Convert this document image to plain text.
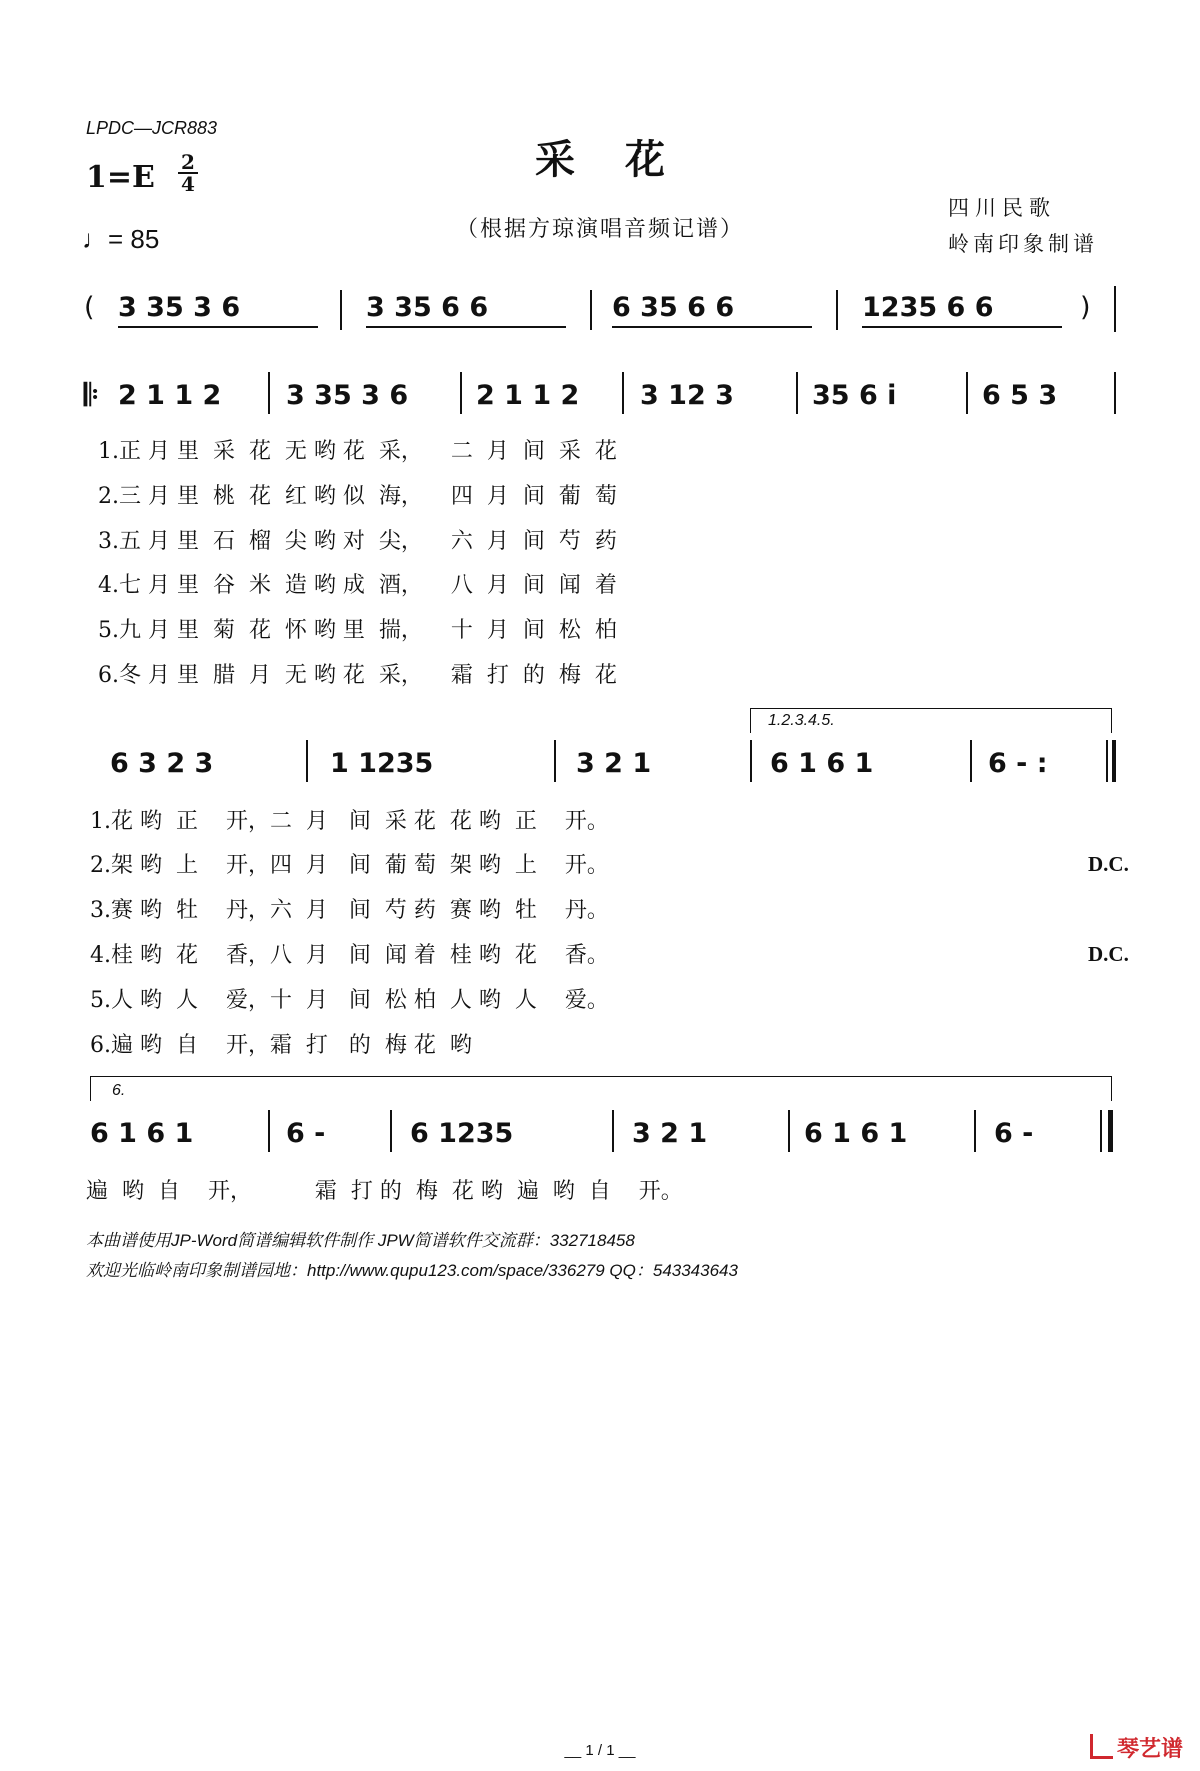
LPDC—JCR883
1=E 2
4
♩= 85
采花
（根据方琼演唱音频记谱）
四川民歌
岭南印象制谱
( 3 35 3 6	3 35 6 6	6 35 6 6	1235 6 6	)
𝄆 2 1 1 2 3 35 3 6	2 1 1 2 3 12 3	35 6 i	6 5 3
1.正 月 里  采  花  无 哟 花  采，    二  月  间  采  花
2.三 月 里  桃  花  红 哟 似  海，    四  月  间  葡  萄
3.五 月 里  石  榴  尖 哟 对  尖，    六  月  间  芍  药
4.七 月 里  谷  米  造 哟 成  酒，    八  月  间  闻  着
5.九 月 里  菊  花  怀 哟 里  揣，    十  月  间  松  柏
6.冬 月 里  腊  月  无 哟 花  采，    霜  打  的  梅  花
1.2.3.4.5.
6 3 2 3	1 1235	3 2 1	6 1 6 1	6 - :
1.花 哟  正    开，二  月   间  采 花  花 哟  正    开。
2.架 哟  上    开，四  月   间  葡 萄  架 哟  上    开。
3.赛 哟  牡    丹，六  月   间  芍 药  赛 哟  牡    丹。
4.桂 哟  花    香，八  月   间  闻 着  桂 哟  花    香。
5.人 哟  人    爱，十  月   间  松 柏  人 哟  人    爱。
6.遍 哟  自    开，霜  打   的  梅 花  哟
D.C.
D.C.
6.
6 1 6 1	6 -	6 1235	3 2 1	6 1 6 1	6 -
遍  哟  自    开，         霜  打 的  梅  花 哟  遍  哟  自    开。
本曲谱使用JP-Word简谱编辑软件制作 JPW简谱软件交流群：332718458
欢迎光临岭南印象制谱园地：http://www.qupu123.com/space/336279 QQ：543343643
__ 1 / 1 __	琴艺谱
